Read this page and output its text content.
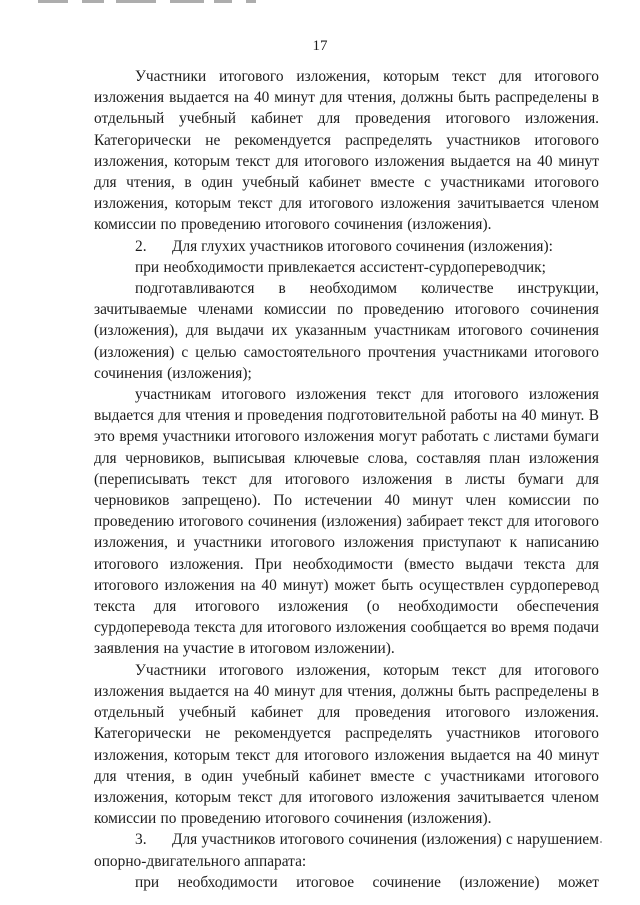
17

Участники итогового изложения, которым текст для итогового изложения выдается на 40 минут для чтения, должны быть распределены в отдельный учебный кабинет для проведения итогового изложения. Категорически не рекомендуется распределять участников итогового изложения, которым текст для итогового изложения выдается на 40 минут для чтения, в один учебный кабинет вместе с участниками итогового изложения, которым текст для итогового изложения зачитывается членом комиссии по проведению итогового сочинения (изложения).

2. Для глухих участников итогового сочинения (изложения):

при необходимости привлекается ассистент-сурдопереводчик;

подготавливаются в необходимом количестве инструкции, зачитываемые членами комиссии по проведению итогового сочинения (изложения), для выдачи их указанным участникам итогового сочинения (изложения) с целью самостоятельного прочтения участниками итогового сочинения (изложения);

участникам итогового изложения текст для итогового изложения выдается для чтения и проведения подготовительной работы на 40 минут. В это время участники итогового изложения могут работать с листами бумаги для черновиков, выписывая ключевые слова, составляя план изложения (переписывать текст для итогового изложения в листы бумаги для черновиков запрещено). По истечении 40 минут член комиссии по проведению итогового сочинения (изложения) забирает текст для итогового изложения, и участники итогового изложения приступают к написанию итогового изложения. При необходимости (вместо выдачи текста для итогового изложения на 40 минут) может быть осуществлен сурдоперевод текста для итогового изложения (о необходимости обеспечения сурдоперевода текста для итогового изложения сообщается во время подачи заявления на участие в итоговом изложении).

Участники итогового изложения, которым текст для итогового изложения выдается на 40 минут для чтения, должны быть распределены в отдельный учебный кабинет для проведения итогового изложения. Категорически не рекомендуется распределять участников итогового изложения, которым текст для итогового изложения выдается на 40 минут для чтения, в один учебный кабинет вместе с участниками итогового изложения, которым текст для итогового изложения зачитывается членом комиссии по проведению итогового сочинения (изложения).

3. Для участников итогового сочинения (изложения) с нарушением опорно-двигательного аппарата:

при необходимости итоговое сочинение (изложение) может
